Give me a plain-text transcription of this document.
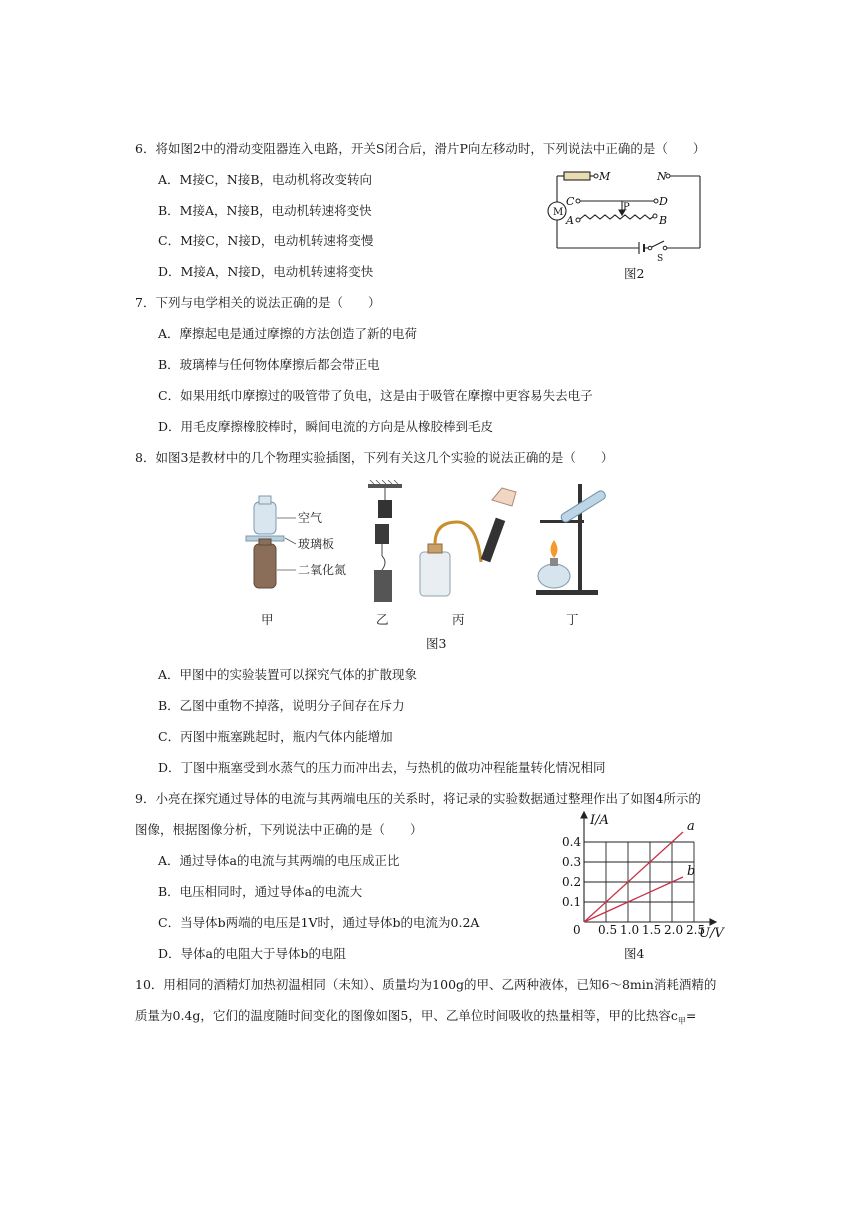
6．将如图2中的滑动变阻器连入电路，开关S闭合后，滑片P向左移动时，下列说法中正确的是（　　）
A．M接C，N接B，电动机将改变转向
B．M接A，N接B，电动机转速将变快
C．M接C，N接D，电动机转速将变慢
D．M接A，N接D，电动机转速将变快
M	N
C	D
A	B
P
S
M
图2
7．下列与电学相关的说法正确的是（　　）
A．摩擦起电是通过摩擦的方法创造了新的电荷
B．玻璃棒与任何物体摩擦后都会带正电
C．如果用纸巾摩擦过的吸管带了负电，这是由于吸管在摩擦中更容易失去电子
D．用毛皮摩擦橡胶棒时，瞬间电流的方向是从橡胶棒到毛皮
8．如图3是教材中的几个物理实验插图，下列有关这几个实验的说法正确的是（　　）
空气
玻璃板
二氧化氮
甲	乙	丙	丁
图3
A．甲图中的实验装置可以探究气体的扩散现象
B．乙图中重物不掉落，说明分子间存在斥力
C．丙图中瓶塞跳起时，瓶内气体内能增加
D．丁图中瓶塞受到水蒸气的压力而冲出去，与热机的做功冲程能量转化情况相同
9．小亮在探究通过导体的电流与其两端电压的关系时，将记录的实验数据通过整理作出了如图4所示的
图像，根据图像分析，下列说法中正确的是（　　）
A．通过导体a的电流与其两端的电压成正比
B．电压相同时，通过导体a的电流大
C．当导体b两端的电压是1V时，通过导体b的电流为0.2A
D．导体a的电阻大于导体b的电阻
0.5 1.0 1.5 2.0 2.5
0.1
0.2
0.3
0.4
a
b
0
I/A
U/V
图4
10．用相同的酒精灯加热初温相同（未知）、质量均为100g的甲、乙两种液体，已知6～8min消耗酒精的
质量为0.4g，它们的温度随时间变化的图像如图5，甲、乙单位时间吸收的热量相等，甲的比热容$c_甲=$
